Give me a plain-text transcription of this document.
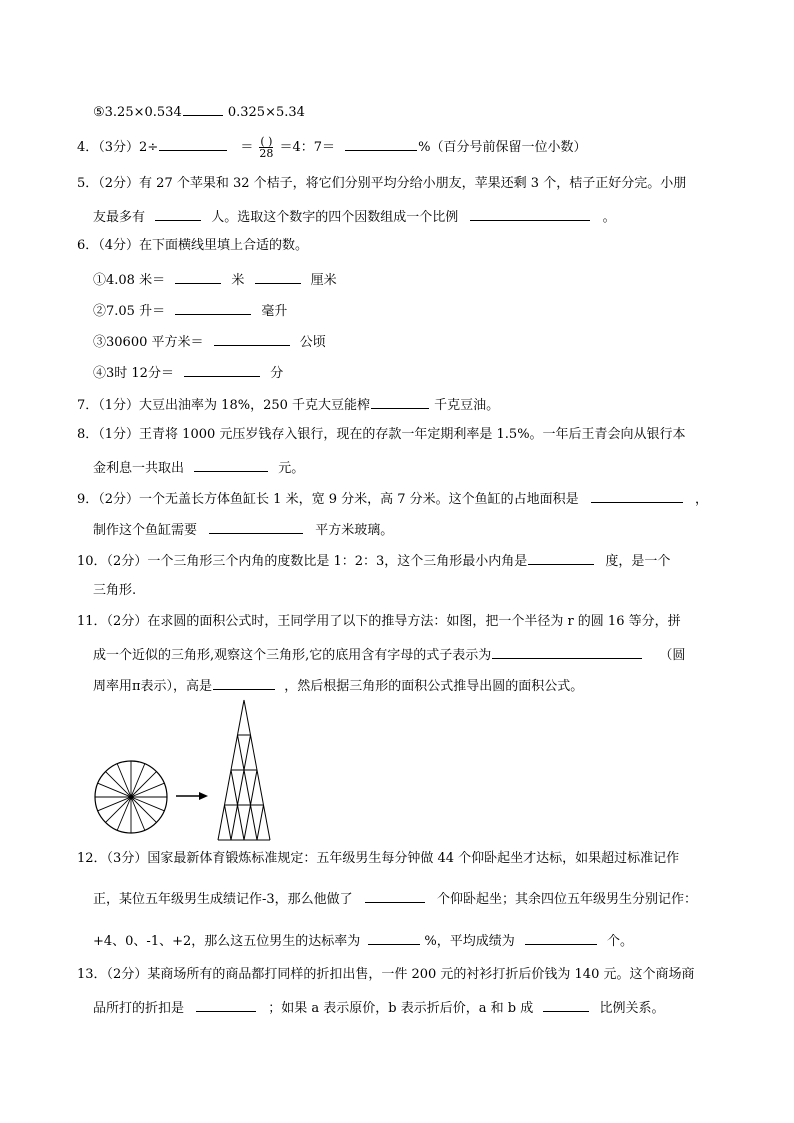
⑤3.25×0.534	0.325×5.34
4．（3分）2÷	＝ $\frac{( )}{28} =4$：7＝	%（百分号前保留一位小数）
5．（2分）有 27 个苹果和 32 个桔子，将它们分别平均分给小朋友，苹果还剩 3 个，桔子正好分完。小朋
友最多有	人。选取这个数字的四个因数组成一个比例	。
6．（4分）在下面横线里填上合适的数。
①4.08 米＝	米	厘米
②7.05 升＝	毫升
③30600 平方米＝	公顷
④3时 12分＝	分
7．（1分）大豆出油率为 18%，250 千克大豆能榨	千克豆油。
8．（1分）王青将 1000 元压岁钱存入银行，现在的存款一年定期利率是 1.5%。一年后王青会向从银行本
金利息一共取出	元。
9．（2分）一个无盖长方体鱼缸长 1 米，宽 9 分米，高 7 分米。这个鱼缸的占地面积是	，
制作这个鱼缸需要	平方米玻璃。
10．（2分）一个三角形三个内角的度数比是 1：2：3，这个三角形最小内角是	度，是一个
三角形.
11．（2分）在求圆的面积公式时，王同学用了以下的推导方法：如图，把一个半径为 r 的圆 16 等分，拼
成一个近似的三角形,观察这个三角形,它的底用含有字母的式子表示为	（圆
周率用π表示），高是	，然后根据三角形的面积公式推导出圆的面积公式。
12．（3分）国家最新体育锻炼标准规定：五年级男生每分钟做 44 个仰卧起坐才达标，如果超过标准记作
正，某位五年级男生成绩记作-3，那么他做了	个仰卧起坐；其余四位五年级男生分别记作：
+4、0、-1、+2，那么这五位男生的达标率为	%，平均成绩为	个。
13．（2分）某商场所有的商品都打同样的折扣出售，一件 200 元的衬衫打折后价钱为 140 元。这个商场商
品所打的折扣是	；如果 a 表示原价，b 表示折后价，a 和 b 成	比例关系。
